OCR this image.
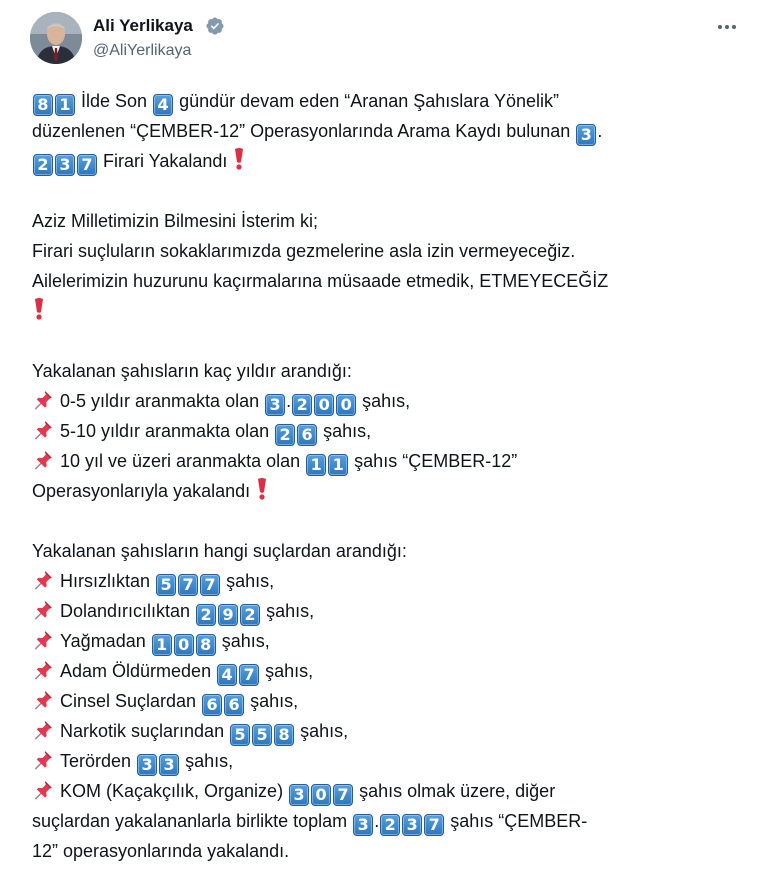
Ali Yerlikaya
@AliYerlikaya
8 1 İlde Son 4 gündür devam eden “Aranan Şahıslara Yönelik”
düzenlenen “ÇEMBER-12” Operasyonlarında Arama Kaydı bulunan 3 .
2 3 7 Firari Yakalandı
Aziz Milletimizin Bilmesini İsterim ki;
Firari suçluların sokaklarımızda gezmelerine asla izin vermeyeceğiz.
Ailelerimizin huzurunu kaçırmalarına müsaade etmedik, ETMEYECEĞİZ
Yakalanan şahısların kaç yıldır arandığı:
0-5 yıldır aranmakta olan 3 . 2 0 0 şahıs,
5-10 yıldır aranmakta olan 2 6 şahıs,
10 yıl ve üzeri aranmakta olan 1 1 şahıs “ÇEMBER-12”
Operasyonlarıyla yakalandı
Yakalanan şahısların hangi suçlardan arandığı:
Hırsızlıktan 5 7 7 şahıs,
Dolandırıcılıktan 2 9 2 şahıs,
Yağmadan 1 0 8 şahıs,
Adam Öldürmeden 4 7 şahıs,
Cinsel Suçlardan 6 6 şahıs,
Narkotik suçlarından 5 5 8 şahıs,
Terörden 3 3 şahıs,
KOM (Kaçakçılık, Organize) 3 0 7 şahıs olmak üzere, diğer
suçlardan yakalananlarla birlikte toplam 3 . 2 3 7 şahıs “ÇEMBER-
12” operasyonlarında yakalandı.
